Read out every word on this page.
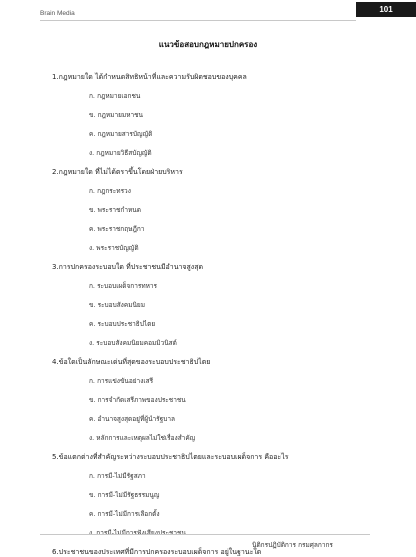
Brain Media	101
แนวข้อสอบกฎหมายปกครอง
1.กฎหมายใด ได้กำหนดสิทธิหน้าที่และความรับผิดชอบของบุคคล
ก. กฎหมายเอกชน
ข. กฎหมายมหาชน
ค. กฎหมายสารบัญญัติ
ง. กฎหมายวิธีสบัญญัติ
2.กฎหมายใด ที่ไม่ได้ตราขึ้นโดยฝ่ายบริหาร
ก. กฎกระทรวง
ข. พระราชกำหนด
ค. พระราชกฤษฎีกา
ง. พระราชบัญญัติ
3.การปกครองระบอบใด ที่ประชาชนมีอำนาจสูงสุด
ก. ระบอบเผด็จการทหาร
ข. ระบอบสังคมนิยม
ค. ระบอบประชาธิปไตย
ง. ระบอบสังคมนิยมคอมมิวนิสต์
4.ข้อใดเป็นลักษณะเด่นที่สุดของระบอบประชาธิปไตย
ก. การแข่งขันอย่างเสรี
ข. การจำกัดเสรีภาพของประชาชน
ค. อำนาจสูงสุดอยู่ที่ผู้นำรัฐบาล
ง. หลักการและเหตุผลไม่ใช่เรื่องสำคัญ
5.ข้อแตกต่างที่สำคัญระหว่างระบอบประชาธิปไตยและระบอบเผด็จการ คืออะไร
ก. การมี-ไม่มีรัฐสภา
ข. การมี-ไม่มีรัฐธรรมนูญ
ค. การมี-ไม่มีการเลือกตั้ง
ง. การมี-ไม่มีการฟังเสียงประชาชน
6.ประชาชนของประเทศที่มีการปกครองระบอบเผด็จการ อยู่ในฐานะใด
นิติกรปฏิบัติการ กรมศุลกากร
